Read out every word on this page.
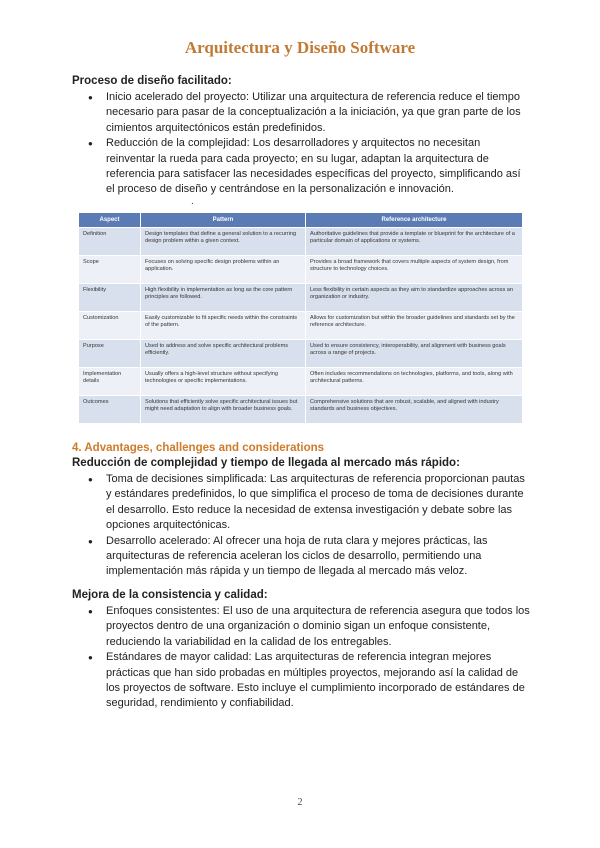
Arquitectura y Diseño Software

Proceso de diseño facilitado:

● Inicio acelerado del proyecto: Utilizar una arquitectura de referencia reduce el tiempo necesario para pasar de la conceptualización a la iniciación, ya que gran parte de los cimientos arquitectónicos están predefinidos.
● Reducción de la complejidad: Los desarrolladores y arquitectos no necesitan reinventar la rueda para cada proyecto; en su lugar, adaptan la arquitectura de referencia para satisfacer las necesidades específicas del proyecto, simplificando así el proceso de diseño y centrándose en la personalización e innovación.
.
Aspect	Pattern	Reference architecture
Definition	Design templates that define a general solution to a recurring design problem within a given context.	Authoritative guidelines that provide a template or blueprint for the architecture of a particular domain of applications or systems.
Scope	Focuses on solving specific design problems within an application.	Provides a broad framework that covers multiple aspects of system design, from structure to technology choices.
Flexibility	High flexibility in implementation as long as the core pattern principles are followed.	Less flexibility in certain aspects as they aim to standardize approaches across an organization or industry.
Customization	Easily customizable to fit specific needs within the constraints of the pattern.	Allows for customization but within the broader guidelines and standards set by the reference architecture.
Purpose	Used to address and solve specific architectural problems efficiently.	Used to ensure consistency, interoperability, and alignment with business goals across a range of projects.
Implementation details	Usually offers a high-level structure without specifying technologies or specific implementations.	Often includes recommendations on technologies, platforms, and tools, along with architectural patterns.
Outcomes	Solutions that efficiently solve specific architectural issues but might need adaptation to align with broader business goals.	Comprehensive solutions that are robust, scalable, and aligned with industry standards and business objectives.

4. Advantages, challenges and considerations

Reducción de complejidad y tiempo de llegada al mercado más rápido:

● Toma de decisiones simplificada: Las arquitecturas de referencia proporcionan pautas y estándares predefinidos, lo que simplifica el proceso de toma de decisiones durante el desarrollo. Esto reduce la necesidad de extensa investigación y debate sobre las opciones arquitectónicas.
● Desarrollo acelerado: Al ofrecer una hoja de ruta clara y mejores prácticas, las arquitecturas de referencia aceleran los ciclos de desarrollo, permitiendo una implementación más rápida y un tiempo de llegada al mercado más veloz.

Mejora de la consistencia y calidad:

● Enfoques consistentes: El uso de una arquitectura de referencia asegura que todos los proyectos dentro de una organización o dominio sigan un enfoque consistente, reduciendo la variabilidad en la calidad de los entregables.
● Estándares de mayor calidad: Las arquitecturas de referencia integran mejores prácticas que han sido probadas en múltiples proyectos, mejorando así la calidad de los proyectos de software. Esto incluye el cumplimiento incorporado de estándares de seguridad, rendimiento y confiabilidad.
2
